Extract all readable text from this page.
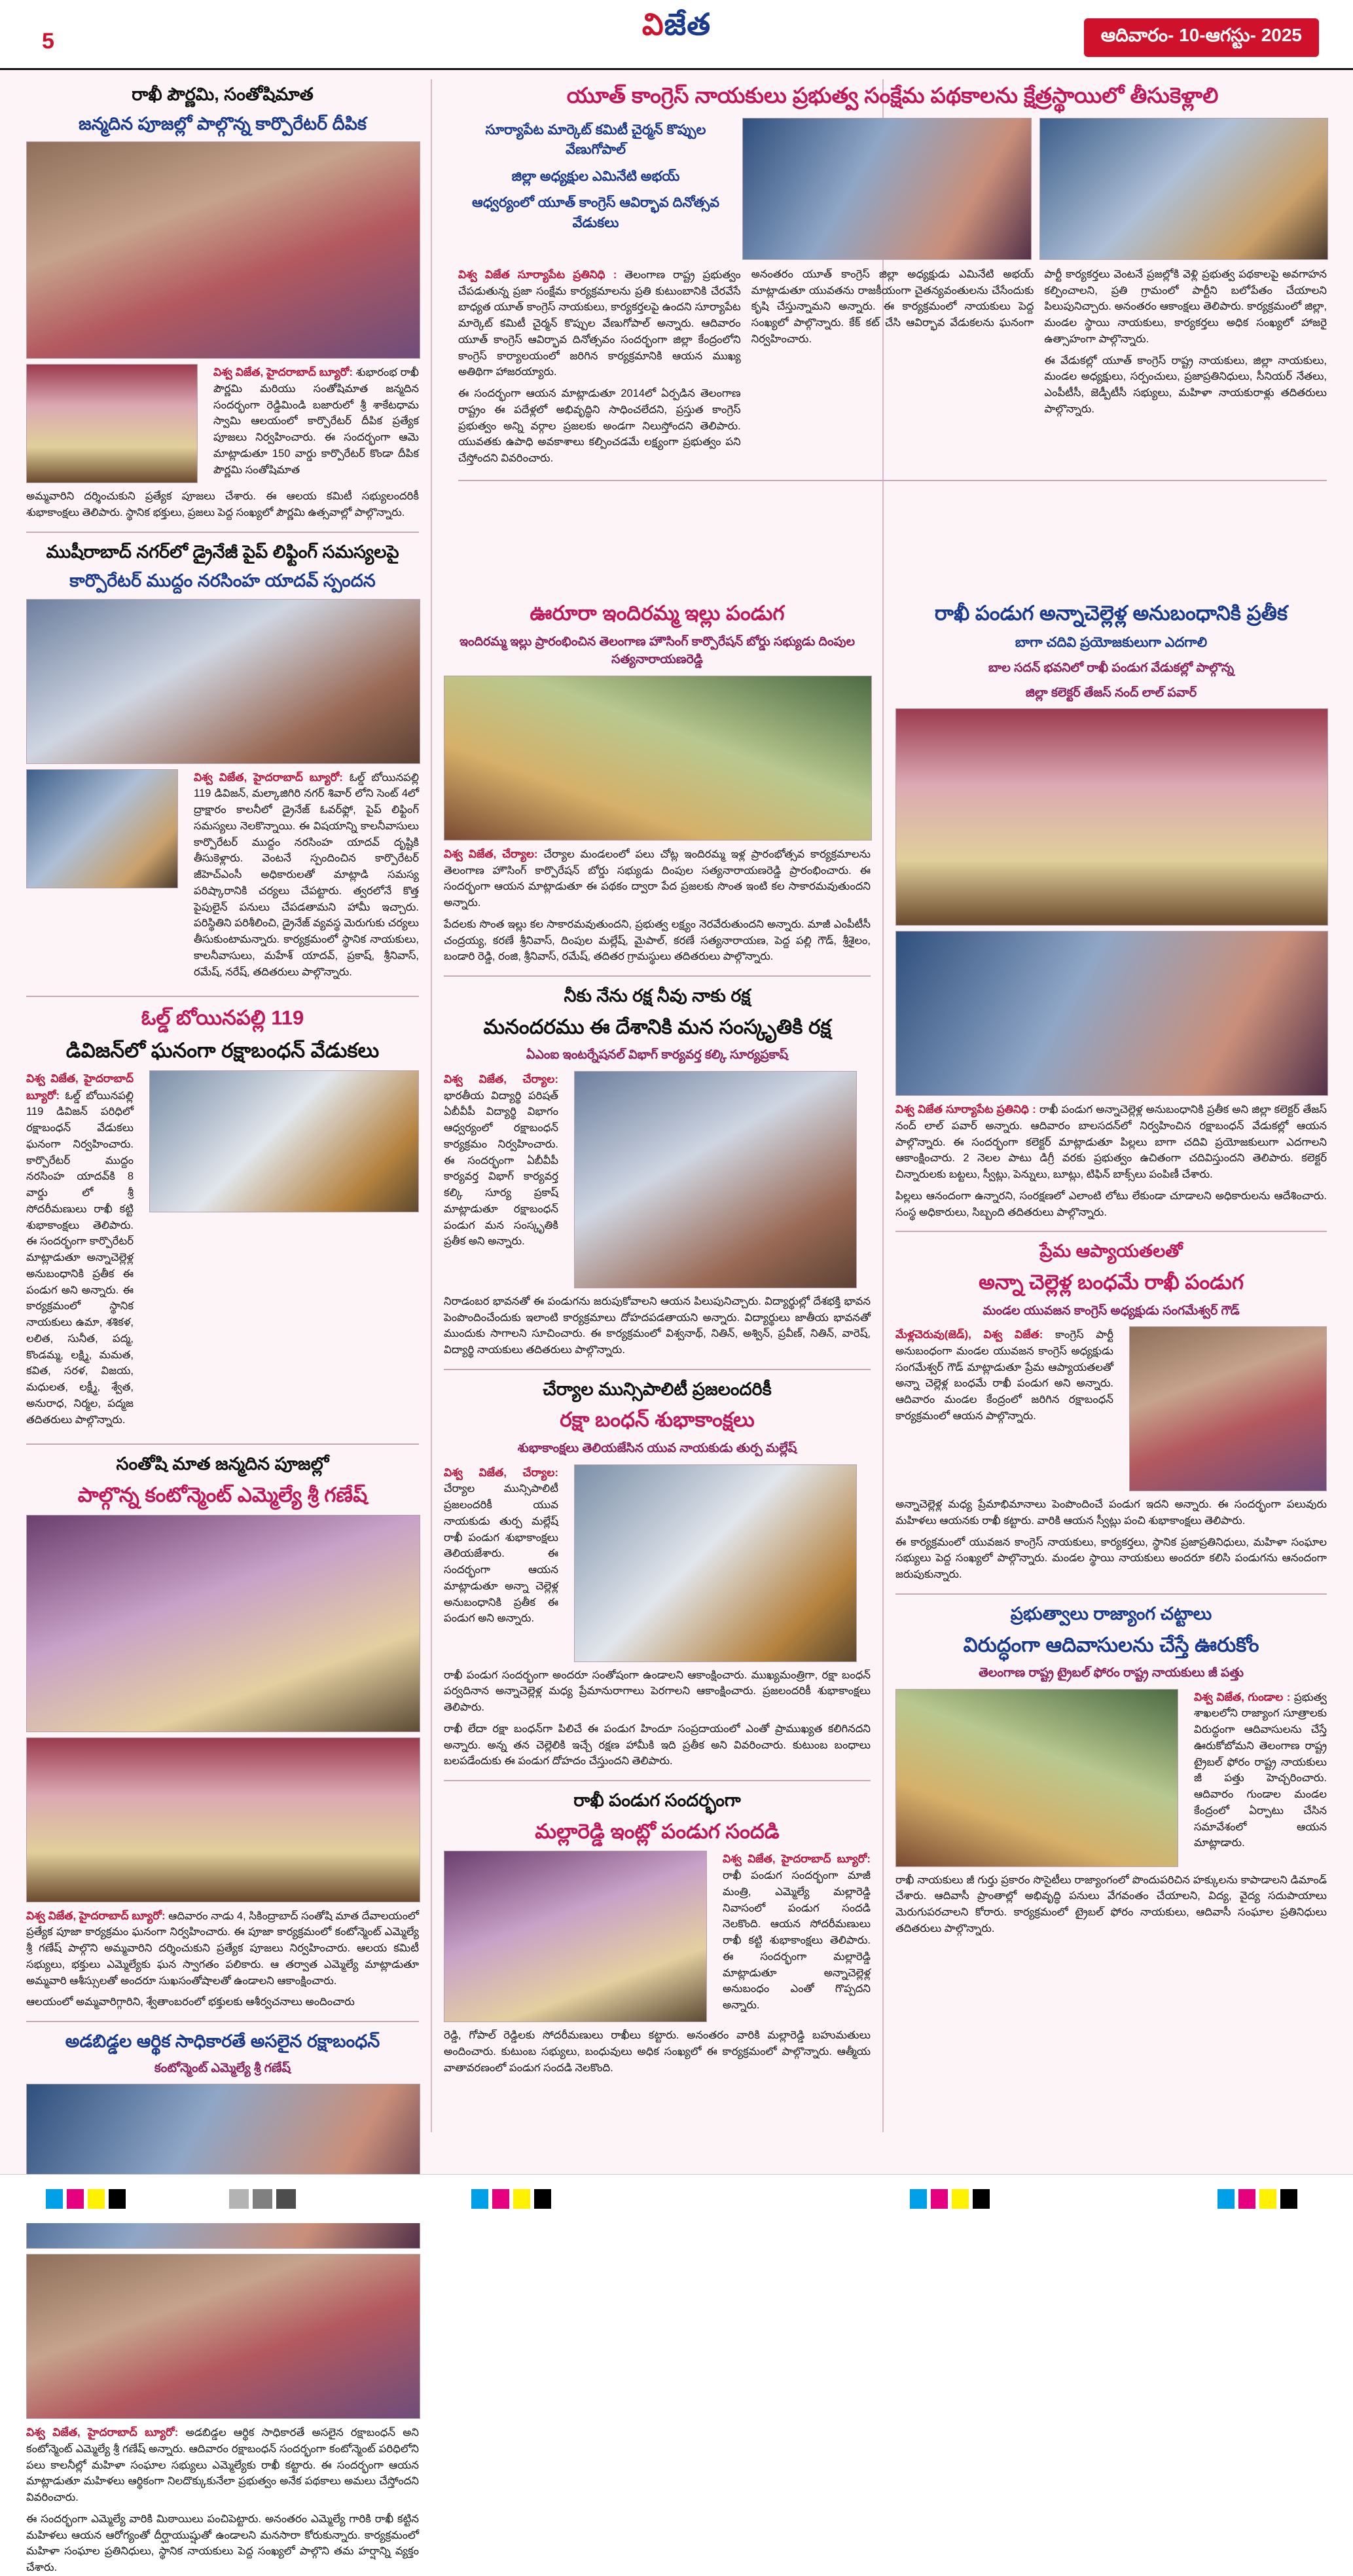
5	విజేత	ఆదివారం- 10-ఆగస్టు- 2025
రాఖీ పౌర్ణమి, సంతోషిమాత
జన్మదిన పూజల్లో పాల్గొన్న కార్పొరేటర్ దీపిక

విశ్వ విజేత, హైదరాబాద్ బ్యూరో: శుభారంభ రాఖీ పౌర్ణమి మరియు సంతోషిమాత జన్మదిన సందర్భంగా రెడ్డిమిండి బజారులో శ్రీ శాకేటధామ స్వామి ఆలయంలో కార్పొరేటర్ దీపిక ప్రత్యేక పూజలు నిర్వహించారు. ఈ సందర్భంగా ఆమె మాట్లాడుతూ 150 వార్డు కార్పొరేటర్ కొండా దీపిక పౌర్ణమి సంతోషిమాత

అమ్మవారిని దర్శించుకుని ప్రత్యేక పూజలు చేశారు. ఈ ఆలయ కమిటీ సభ్యులందరికీ శుభాకాంక్షలు తెలిపారు. స్థానిక భక్తులు, ప్రజలు పెద్ద సంఖ్యలో పౌర్ణమి ఉత్సవాల్లో పాల్గొన్నారు.

ముషీరాబాద్ నగర్‌లో డ్రైనేజీ పైప్ లిఫ్టింగ్ సమస్యలపై
కార్పొరేటర్ ముద్దం నరసింహ యాదవ్ స్పందన

విశ్వ విజేత, హైదరాబాద్ బ్యూరో: ఓల్డ్ బోయినపల్లి 119 డివిజన్, మల్కాజిగిరి నగర్ శివార్ లోని సెంట్ 4లో ద్రాక్షారం కాలనీలో డ్రైనేజ్ ఓవర్‌ఫ్లో, పైప్ లిఫ్టింగ్ సమస్యలు నెలకొన్నాయి. ఈ విషయాన్ని కాలనీవాసులు కార్పొరేటర్ ముద్దం నరసింహ యాదవ్ దృష్టికి తీసుకెళ్లారు. వెంటనే స్పందించిన కార్పొరేటర్ జీహెచ్ఎంసీ అధికారులతో మాట్లాడి సమస్య పరిష్కారానికి చర్యలు చేపట్టారు. త్వరలోనే కొత్త పైపులైన్ పనులు చేపడతామని హామీ ఇచ్చారు. పరిస్థితిని పరిశీలించి, డ్రైనేజ్ వ్యవస్థ మెరుగుకు చర్యలు తీసుకుంటామన్నారు. కార్యక్రమంలో స్థానిక నాయకులు, కాలనీవాసులు, మహేశ్ యాదవ్, ప్రకాష్, శ్రీనివాస్, రమేష్, నరేష్, తదితరులు పాల్గొన్నారు.

ఓల్డ్ బోయినపల్లి 119
డివిజన్‌లో ఘనంగా రక్షాబంధన్ వేడుకలు

విశ్వ విజేత, హైదరాబాద్ బ్యూరో: ఓల్డ్ బోయినపల్లి 119 డివిజన్ పరిధిలో రక్షాబంధన్ వేడుకలు ఘనంగా నిర్వహించారు. కార్పొరేటర్ ముద్దం నరసింహ యాదవ్‌కి 8 వార్డు లో శ్రీ సోదరీమణులు రాఖీ కట్టి శుభాకాంక్షలు తెలిపారు. ఈ సందర్భంగా కార్పొరేటర్ మాట్లాడుతూ అన్నాచెల్లెళ్ల అనుబంధానికి ప్రతీక ఈ పండుగ అని అన్నారు. ఈ కార్యక్రమంలో స్థానిక నాయకులు ఉమా, శశికళ, లలిత, సునీత, పద్మ, కొండమ్మ, లక్ష్మి, మమత, కవిత, సరళ, విజయ, మధులత, లక్ష్మీ, శ్వేత, అనురాధ, నిర్మల, పద్మజ తదితరులు పాల్గొన్నారు.

సంతోషి మాత జన్మదిన పూజల్లో
పాల్గొన్న కంటోన్మెంట్ ఎమ్మెల్యే శ్రీ గణేష్

విశ్వ విజేత, హైదరాబాద్ బ్యూరో: ఆదివారం నాడు 4, సికింద్రాబాద్ సంతోషి మాత దేవాలయంలో ప్రత్యేక పూజా కార్యక్రమం ఘనంగా నిర్వహించారు. ఈ పూజా కార్యక్రమంలో కంటోన్మెంట్ ఎమ్మెల్యే శ్రీ గణేష్ పాల్గొని అమ్మవారిని దర్శించుకుని ప్రత్యేక పూజలు నిర్వహించారు. ఆలయ కమిటీ సభ్యులు, భక్తులు ఎమ్మెల్యేకు ఘన స్వాగతం పలికారు. ఆ తర్వాత ఎమ్మెల్యే మాట్లాడుతూ అమ్మవారి ఆశీస్సులతో అందరూ సుఖసంతోషాలతో ఉండాలని ఆకాంక్షించారు.

ఆలయంలో అమ్మవారిగ్గారిని, శ్వేతాంబరంలో భక్తులకు ఆశీర్వచనాలు అందించారు

అడబిడ్డల ఆర్థిక సాధికారతే అసలైన రక్షాబంధన్
కంటోన్మెంట్ ఎమ్మెల్యే శ్రీ గణేష్

విశ్వ విజేత, హైదరాబాద్ బ్యూరో: అడబిడ్డల ఆర్థిక సాధికారతే అసలైన రక్షాబంధన్ అని కంటోన్మెంట్ ఎమ్మెల్యే శ్రీ గణేష్ అన్నారు. ఆదివారం రక్షాబంధన్ సందర్భంగా కంటోన్మెంట్ పరిధిలోని పలు కాలనీల్లో మహిళా సంఘాల సభ్యులు ఎమ్మెల్యేకు రాఖీ కట్టారు. ఈ సందర్భంగా ఆయన మాట్లాడుతూ మహిళలు ఆర్థికంగా నిలదొక్కుకునేలా ప్రభుత్వం అనేక పథకాలు అమలు చేస్తోందని వివరించారు.

ఈ సందర్భంగా ఎమ్మెల్యే వారికి మిఠాయిలు పంచిపెట్టారు. అనంతరం ఎమ్మెల్యే గారికి రాఖీ కట్టిన మహిళలు ఆయన ఆరోగ్యంతో దీర్ఘాయుష్షుతో ఉండాలని మనసారా కోరుకున్నారు. కార్యక్రమంలో మహిళా సంఘాల ప్రతినిధులు, స్థానిక నాయకులు పెద్ద సంఖ్యలో పాల్గొని తమ హర్షాన్ని వ్యక్తం చేశారు.

యూత్ కాంగ్రెస్ నాయకులు ప్రభుత్వ సంక్షేమ పథకాలను క్షేత్రస్థాయిలో తీసుకెళ్లాలి
సూర్యాపేట మార్కెట్ కమిటీ చైర్మన్ కొప్పుల వేణుగోపాల్
జిల్లా అధ్యక్షుల ఎమినేటి అభయ్
ఆధ్వర్యంలో యూత్ కాంగ్రెస్ ఆవిర్భావ దినోత్సవ వేడుకలు

విశ్వ విజేత సూర్యాపేట ప్రతినిధి : తెలంగాణ రాష్ట్ర ప్రభుత్వం చేపడుతున్న ప్రజా సంక్షేమ కార్యక్రమాలను ప్రతి కుటుంబానికి చేరవేసే బాధ్యత యూత్ కాంగ్రెస్ నాయకులు, కార్యకర్తలపై ఉందని సూర్యాపేట మార్కెట్ కమిటీ చైర్మన్ కొప్పుల వేణుగోపాల్ అన్నారు. ఆదివారం యూత్ కాంగ్రెస్ ఆవిర్భావ దినోత్సవం సందర్భంగా జిల్లా కేంద్రంలోని కాంగ్రెస్ కార్యాలయంలో జరిగిన కార్యక్రమానికి ఆయన ముఖ్య అతిథిగా హాజరయ్యారు.

ఈ సందర్భంగా ఆయన మాట్లాడుతూ 2014లో ఏర్పడిన తెలంగాణ రాష్ట్రం ఈ పదేళ్లలో అభివృద్ధిని సాధించలేదని, ప్రస్తుత కాంగ్రెస్ ప్రభుత్వం అన్ని వర్గాల ప్రజలకు అండగా నిలుస్తోందని తెలిపారు. యువతకు ఉపాధి అవకాశాలు కల్పించడమే లక్ష్యంగా ప్రభుత్వం పని చేస్తోందని వివరించారు.

అనంతరం యూత్ కాంగ్రెస్ జిల్లా అధ్యక్షుడు ఎమినేటి అభయ్ మాట్లాడుతూ యువతను రాజకీయంగా చైతన్యవంతులను చేసేందుకు కృషి చేస్తున్నామని అన్నారు. ఈ కార్యక్రమంలో నాయకులు పెద్ద సంఖ్యలో పాల్గొన్నారు. కేక్ కట్ చేసి ఆవిర్భావ వేడుకలను ఘనంగా నిర్వహించారు.

పార్టీ కార్యకర్తలు వెంటనే ప్రజల్లోకి వెళ్లి ప్రభుత్వ పథకాలపై అవగాహన కల్పించాలని, ప్రతి గ్రామంలో పార్టీని బలోపేతం చేయాలని పిలుపునిచ్చారు. అనంతరం ఆకాంక్షలు తెలిపారు. కార్యక్రమంలో జిల్లా, మండల స్థాయి నాయకులు, కార్యకర్తలు అధిక సంఖ్యలో హాజరై ఉత్సాహంగా పాల్గొన్నారు.

ఈ వేడుకల్లో యూత్ కాంగ్రెస్ రాష్ట్ర నాయకులు, జిల్లా నాయకులు, మండల అధ్యక్షులు, సర్పంచులు, ప్రజాప్రతినిధులు, సీనియర్ నేతలు, ఎంపీటీసీ, జెడ్పీటీసీ సభ్యులు, మహిళా నాయకురాళ్లు తదితరులు పాల్గొన్నారు.

ఊరూరా ఇందిరమ్మ ఇల్లు పండుగ
ఇందిరమ్మ ఇల్లు ప్రారంభించిన తెలంగాణ హౌసింగ్ కార్పొరేషన్ బోర్డు సభ్యుడు దింపుల సత్యనారాయణరెడ్డి

విశ్వ విజేత, చేర్యాల: చేర్యాల మండలంలో పలు చోట్ల ఇందిరమ్మ ఇళ్ల ప్రారంభోత్సవ కార్యక్రమాలను తెలంగాణ హౌసింగ్ కార్పొరేషన్ బోర్డు సభ్యుడు దింపుల సత్యనారాయణరెడ్డి ప్రారంభించారు. ఈ సందర్భంగా ఆయన మాట్లాడుతూ ఈ పథకం ద్వారా పేద ప్రజలకు సొంత ఇంటి కల సాకారమవుతుందని అన్నారు.

పేదలకు సొంత ఇల్లు కల సాకారమవుతుందని, ప్రభుత్వ లక్ష్యం నెరవేరుతుందని అన్నారు. మాజీ ఎంపీటీసీ చంద్రయ్య, కరణే శ్రీనివాస్, దింపుల మల్లేష్, మైపాల్, కరణే సత్యనారాయణ, పెద్ద పల్లి గౌడ్, శ్రీశైలం, బండారి రెడ్డి, రంజి, శ్రీనివాస్, రమేష్, తదితర గ్రామస్థులు తదితరులు పాల్గొన్నారు.

నీకు నేను రక్ష నీవు నాకు రక్ష
మనందరము ఈ దేశానికి మన సంస్కృతికి రక్ష
ఏఎంఐ ఇంటర్నేషనల్ విభాగ్ కార్యవర్త కల్కి సూర్యప్రకాష్

విశ్వ విజేత, చేర్యాల: భారతీయ విద్యార్థి పరిషత్ ఏబీవీపీ విద్యార్థి విభాగం ఆధ్వర్యంలో రక్షాబంధన్ కార్యక్రమం నిర్వహించారు. ఈ సందర్భంగా ఏబీవీపీ కార్యవర్త విభాగ్ కార్యవర్త కల్కి సూర్య ప్రకాష్ మాట్లాడుతూ రక్షాబంధన్ పండుగ మన సంస్కృతికి ప్రతీక అని అన్నారు.

నిరాడంబర భావనతో ఈ పండుగను జరుపుకోవాలని ఆయన పిలుపునిచ్చారు. విద్యార్థుల్లో దేశభక్తి భావన పెంపొందించేందుకు ఇలాంటి కార్యక్రమాలు దోహదపడతాయని అన్నారు. విద్యార్థులు జాతీయ భావనతో ముందుకు సాగాలని సూచించారు. ఈ కార్యక్రమంలో విశ్వనాథ్, నితిన్, అశ్విన్, ప్రవీణ్, నితిన్, వారెష్, విద్యార్థి నాయకులు తదితరులు పాల్గొన్నారు.

చేర్యాల మున్సిపాలిటీ ప్రజలందరికీ
రక్షా బంధన్ శుభాకాంక్షలు
శుభాకాంక్షలు తెలియజేసిన యువ నాయకుడు తుర్ప మల్లేష్

విశ్వ విజేత, చేర్యాల: చేర్యాల మున్సిపాలిటీ ప్రజలందరికీ యువ నాయకుడు తుర్ప మల్లేష్ రాఖీ పండుగ శుభాకాంక్షలు తెలియజేశారు. ఈ సందర్భంగా ఆయన మాట్లాడుతూ అన్నా చెల్లెళ్ల అనుబంధానికి ప్రతీక ఈ పండుగ అని అన్నారు.

రాఖీ పండుగ సందర్భంగా అందరూ సంతోషంగా ఉండాలని ఆకాంక్షించారు. ముఖ్యమంత్రిగా, రక్షా బంధన్ పర్వదినాన అన్నాచెల్లెళ్ల మధ్య ప్రేమానురాగాలు పెరగాలని ఆకాంక్షించారు. ప్రజలందరికీ శుభాకాంక్షలు తెలిపారు.

రాఖీ లేదా రక్షా బంధన్‌గా పిలిచే ఈ పండుగ హిందూ సంప్రదాయంలో ఎంతో ప్రాముఖ్యత కలిగినదని అన్నారు. అన్న తన చెల్లెలికి ఇచ్చే రక్షణ హామీకి ఇది ప్రతీక అని వివరించారు. కుటుంబ బంధాలు బలపడేందుకు ఈ పండుగ దోహదం చేస్తుందని తెలిపారు.

రాఖీ పండుగ సందర్భంగా
మల్లారెడ్డి ఇంట్లో పండుగ సందడి

విశ్వ విజేత, హైదరాబాద్ బ్యూరో: రాఖీ పండుగ సందర్భంగా మాజీ మంత్రి, ఎమ్మెల్యే మల్లారెడ్డి నివాసంలో పండుగ సందడి నెలకొంది. ఆయన సోదరీమణులు రాఖీ కట్టి శుభాకాంక్షలు తెలిపారు. ఈ సందర్భంగా మల్లారెడ్డి మాట్లాడుతూ అన్నాచెల్లెళ్ల అనుబంధం ఎంతో గొప్పదని అన్నారు.

రెడ్డి, గోపాల్ రెడ్డిలకు సోదరీమణులు రాఖీలు కట్టారు. అనంతరం వారికి మల్లారెడ్డి బహుమతులు అందించారు. కుటుంబ సభ్యులు, బంధువులు అధిక సంఖ్యలో ఈ కార్యక్రమంలో పాల్గొన్నారు. ఆత్మీయ వాతావరణంలో పండుగ సందడి నెలకొంది.

రాఖీ పండుగ అన్నాచెల్లెళ్ల అనుబంధానికి ప్రతీక
బాగా చదివి ప్రయోజకులుగా ఎదగాలి
బాల సదన్ భవనిలో రాఖీ పండుగ వేడుకల్లో పాల్గొన్న
జిల్లా కలెక్టర్ తేజస్ నంద్ లాల్ పవార్

విశ్వ విజేత సూర్యాపేట ప్రతినిధి : రాఖీ పండుగ అన్నాచెల్లెళ్ల అనుబంధానికి ప్రతీక అని జిల్లా కలెక్టర్ తేజస్ నంద్ లాల్ పవార్ అన్నారు. ఆదివారం బాలసదన్‌లో నిర్వహించిన రక్షాబంధన్ వేడుకల్లో ఆయన పాల్గొన్నారు. ఈ సందర్భంగా కలెక్టర్ మాట్లాడుతూ పిల్లలు బాగా చదివి ప్రయోజకులుగా ఎదగాలని ఆకాంక్షించారు. 2 నెలల పాటు డిగ్రీ వరకు ప్రభుత్వం ఉచితంగా చదివిస్తుందని తెలిపారు. కలెక్టర్ చిన్నారులకు బట్టలు, స్వీట్లు, పెన్నులు, బూట్లు, టిఫిన్ బాక్స్‌లు పంపిణీ చేశారు.

పిల్లలు ఆనందంగా ఉన్నారని, సంరక్షణలో ఎలాంటి లోటు లేకుండా చూడాలని అధికారులను ఆదేశించారు. సంస్థ అధికారులు, సిబ్బంది తదితరులు పాల్గొన్నారు.

ప్రేమ ఆప్యాయతలతో
అన్నా చెల్లెళ్ల బంధమే రాఖీ పండుగ
మండల యువజన కాంగ్రెస్ అధ్యక్షుడు సంగమేశ్వర్ గౌడ్

మేళ్లచెరువు(జెడ్), విశ్వ విజేత: కాంగ్రెస్ పార్టీ అనుబంధంగా మండల యువజన కాంగ్రెస్ అధ్యక్షుడు సంగమేశ్వర్ గౌడ్ మాట్లాడుతూ ప్రేమ ఆప్యాయతలతో అన్నా చెల్లెళ్ల బంధమే రాఖీ పండుగ అని అన్నారు. ఆదివారం మండల కేంద్రంలో జరిగిన రక్షాబంధన్ కార్యక్రమంలో ఆయన పాల్గొన్నారు.

అన్నాచెల్లెళ్ల మధ్య ప్రేమాభిమానాలు పెంపొందించే పండుగ ఇదని అన్నారు. ఈ సందర్భంగా పలువురు మహిళలు ఆయనకు రాఖీ కట్టారు. వారికి ఆయన స్వీట్లు పంచి శుభాకాంక్షలు తెలిపారు.

ఈ కార్యక్రమంలో యువజన కాంగ్రెస్ నాయకులు, కార్యకర్తలు, స్థానిక ప్రజాప్రతినిధులు, మహిళా సంఘాల సభ్యులు పెద్ద సంఖ్యలో పాల్గొన్నారు. మండల స్థాయి నాయకులు అందరూ కలిసి పండుగను ఆనందంగా జరుపుకున్నారు.

ప్రభుత్వాలు రాజ్యాంగ చట్టాలు
విరుద్ధంగా ఆదివాసులను చేస్తే ఊరుకోం
తెలంగాణ రాష్ట్ర ట్రైబల్ ఫోరం రాష్ట్ర నాయకులు జీ పత్తు

విశ్వ విజేత, గుండాల : ప్రభుత్వ శాఖలలోని రాజ్యాంగ సూత్రాలకు విరుద్ధంగా ఆదివాసులను చేస్తే ఊరుకోబోమని తెలంగాణ రాష్ట్ర ట్రైబల్ ఫోరం రాష్ట్ర నాయకులు జీ పత్తు హెచ్చరించారు. ఆదివారం గుండాల మండల కేంద్రంలో ఏర్పాటు చేసిన సమావేశంలో ఆయన మాట్లాడారు.

రాఖీ నాయకులు జీ గుర్తు ప్రకారం సొసైటీలు రాజ్యాంగంలో పొందుపరిచిన హక్కులను కాపాడాలని డిమాండ్ చేశారు. ఆదివాసీ ప్రాంతాల్లో అభివృద్ధి పనులు వేగవంతం చేయాలని, విద్య, వైద్య సదుపాయాలు మెరుగుపరచాలని కోరారు. కార్యక్రమంలో ట్రైబల్ ఫోరం నాయకులు, ఆదివాసీ సంఘాల ప్రతినిధులు తదితరులు పాల్గొన్నారు.
